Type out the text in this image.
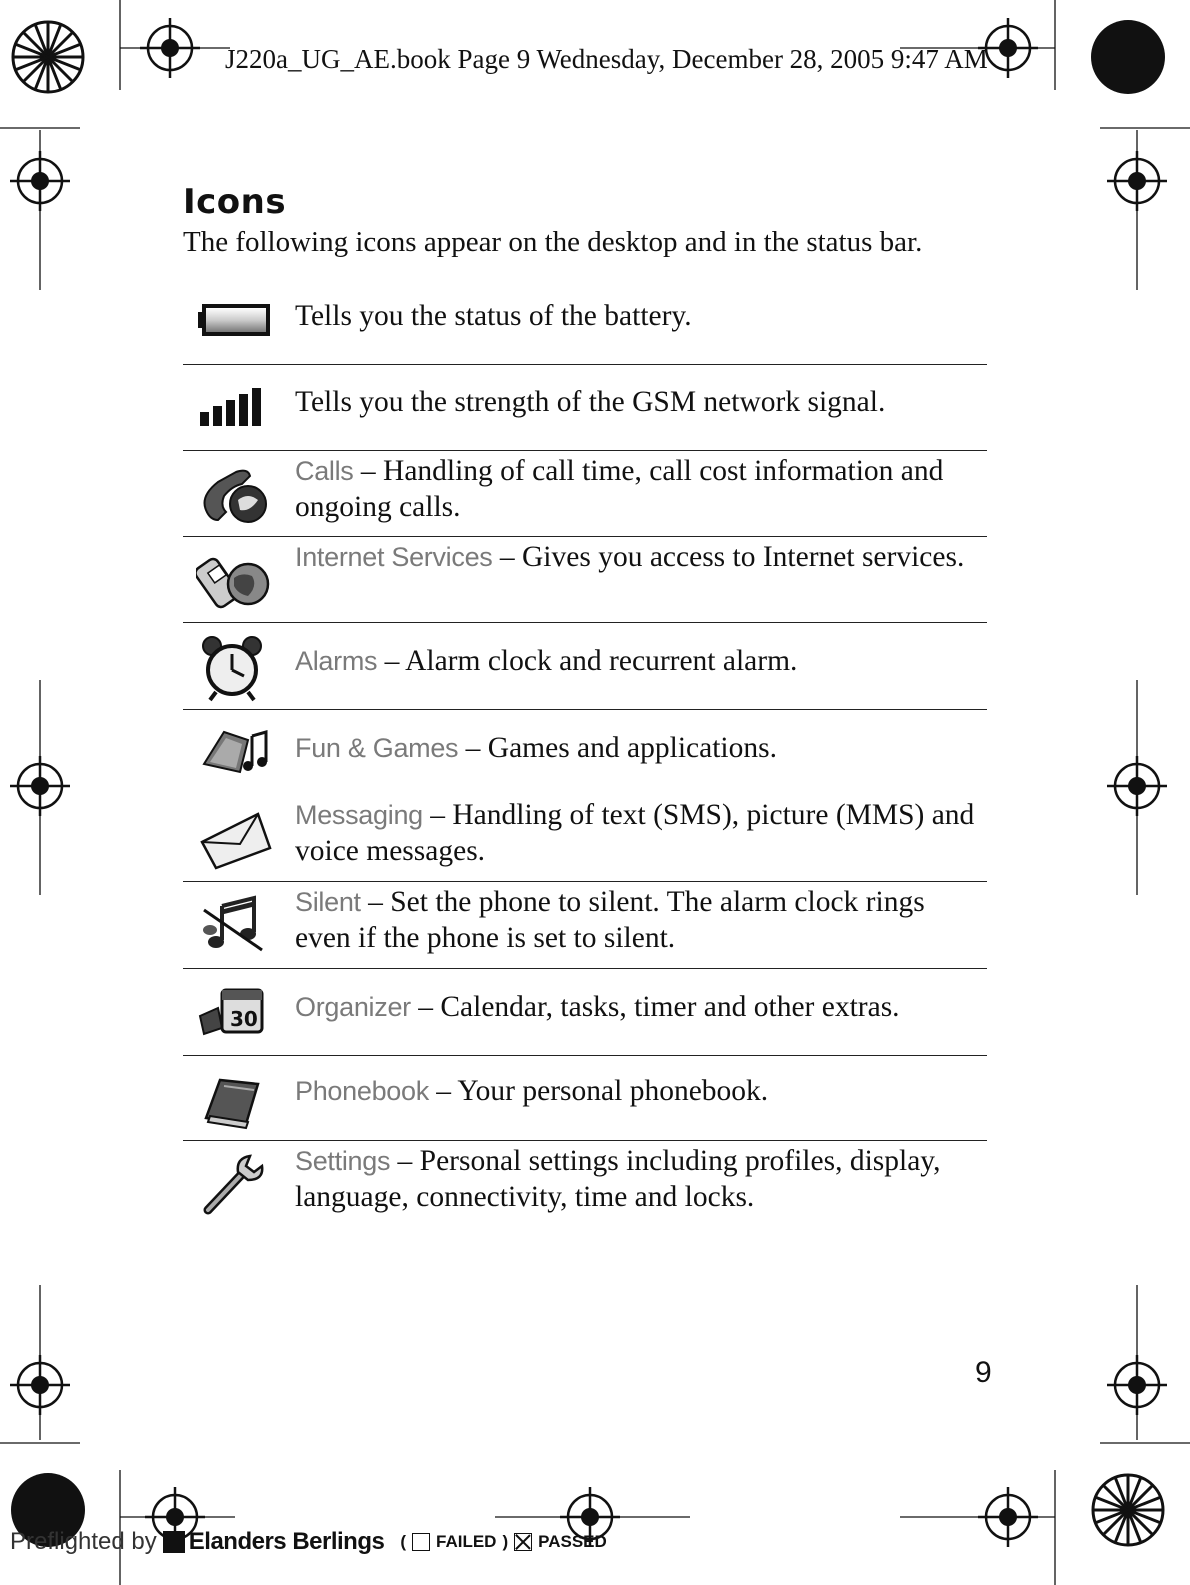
J220a_UG_AE.book Page 9 Wednesday, December 28, 2005 9:47 AM
Icons
The following icons appear on the desktop and in the status bar.
Tells you the status of the battery.
Tells you the strength of the GSM network signal.
Calls – Handling of call time, call cost information and ongoing calls.
Internet Services – Gives you access to Internet services.
Alarms – Alarm clock and recurrent alarm.
Fun & Games – Games and applications.
Messaging – Handling of text (SMS), picture (MMS) and voice messages.
Silent – Set the phone to silent. The alarm clock rings even if the phone is set to silent.
30 Organizer – Calendar, tasks, timer and other extras.
Phonebook – Your personal phonebook.
Settings – Personal settings including profiles, display, language, connectivity, time and locks.
9
Preflighted by Elanders Berlings ( FAILED ) PASSED
